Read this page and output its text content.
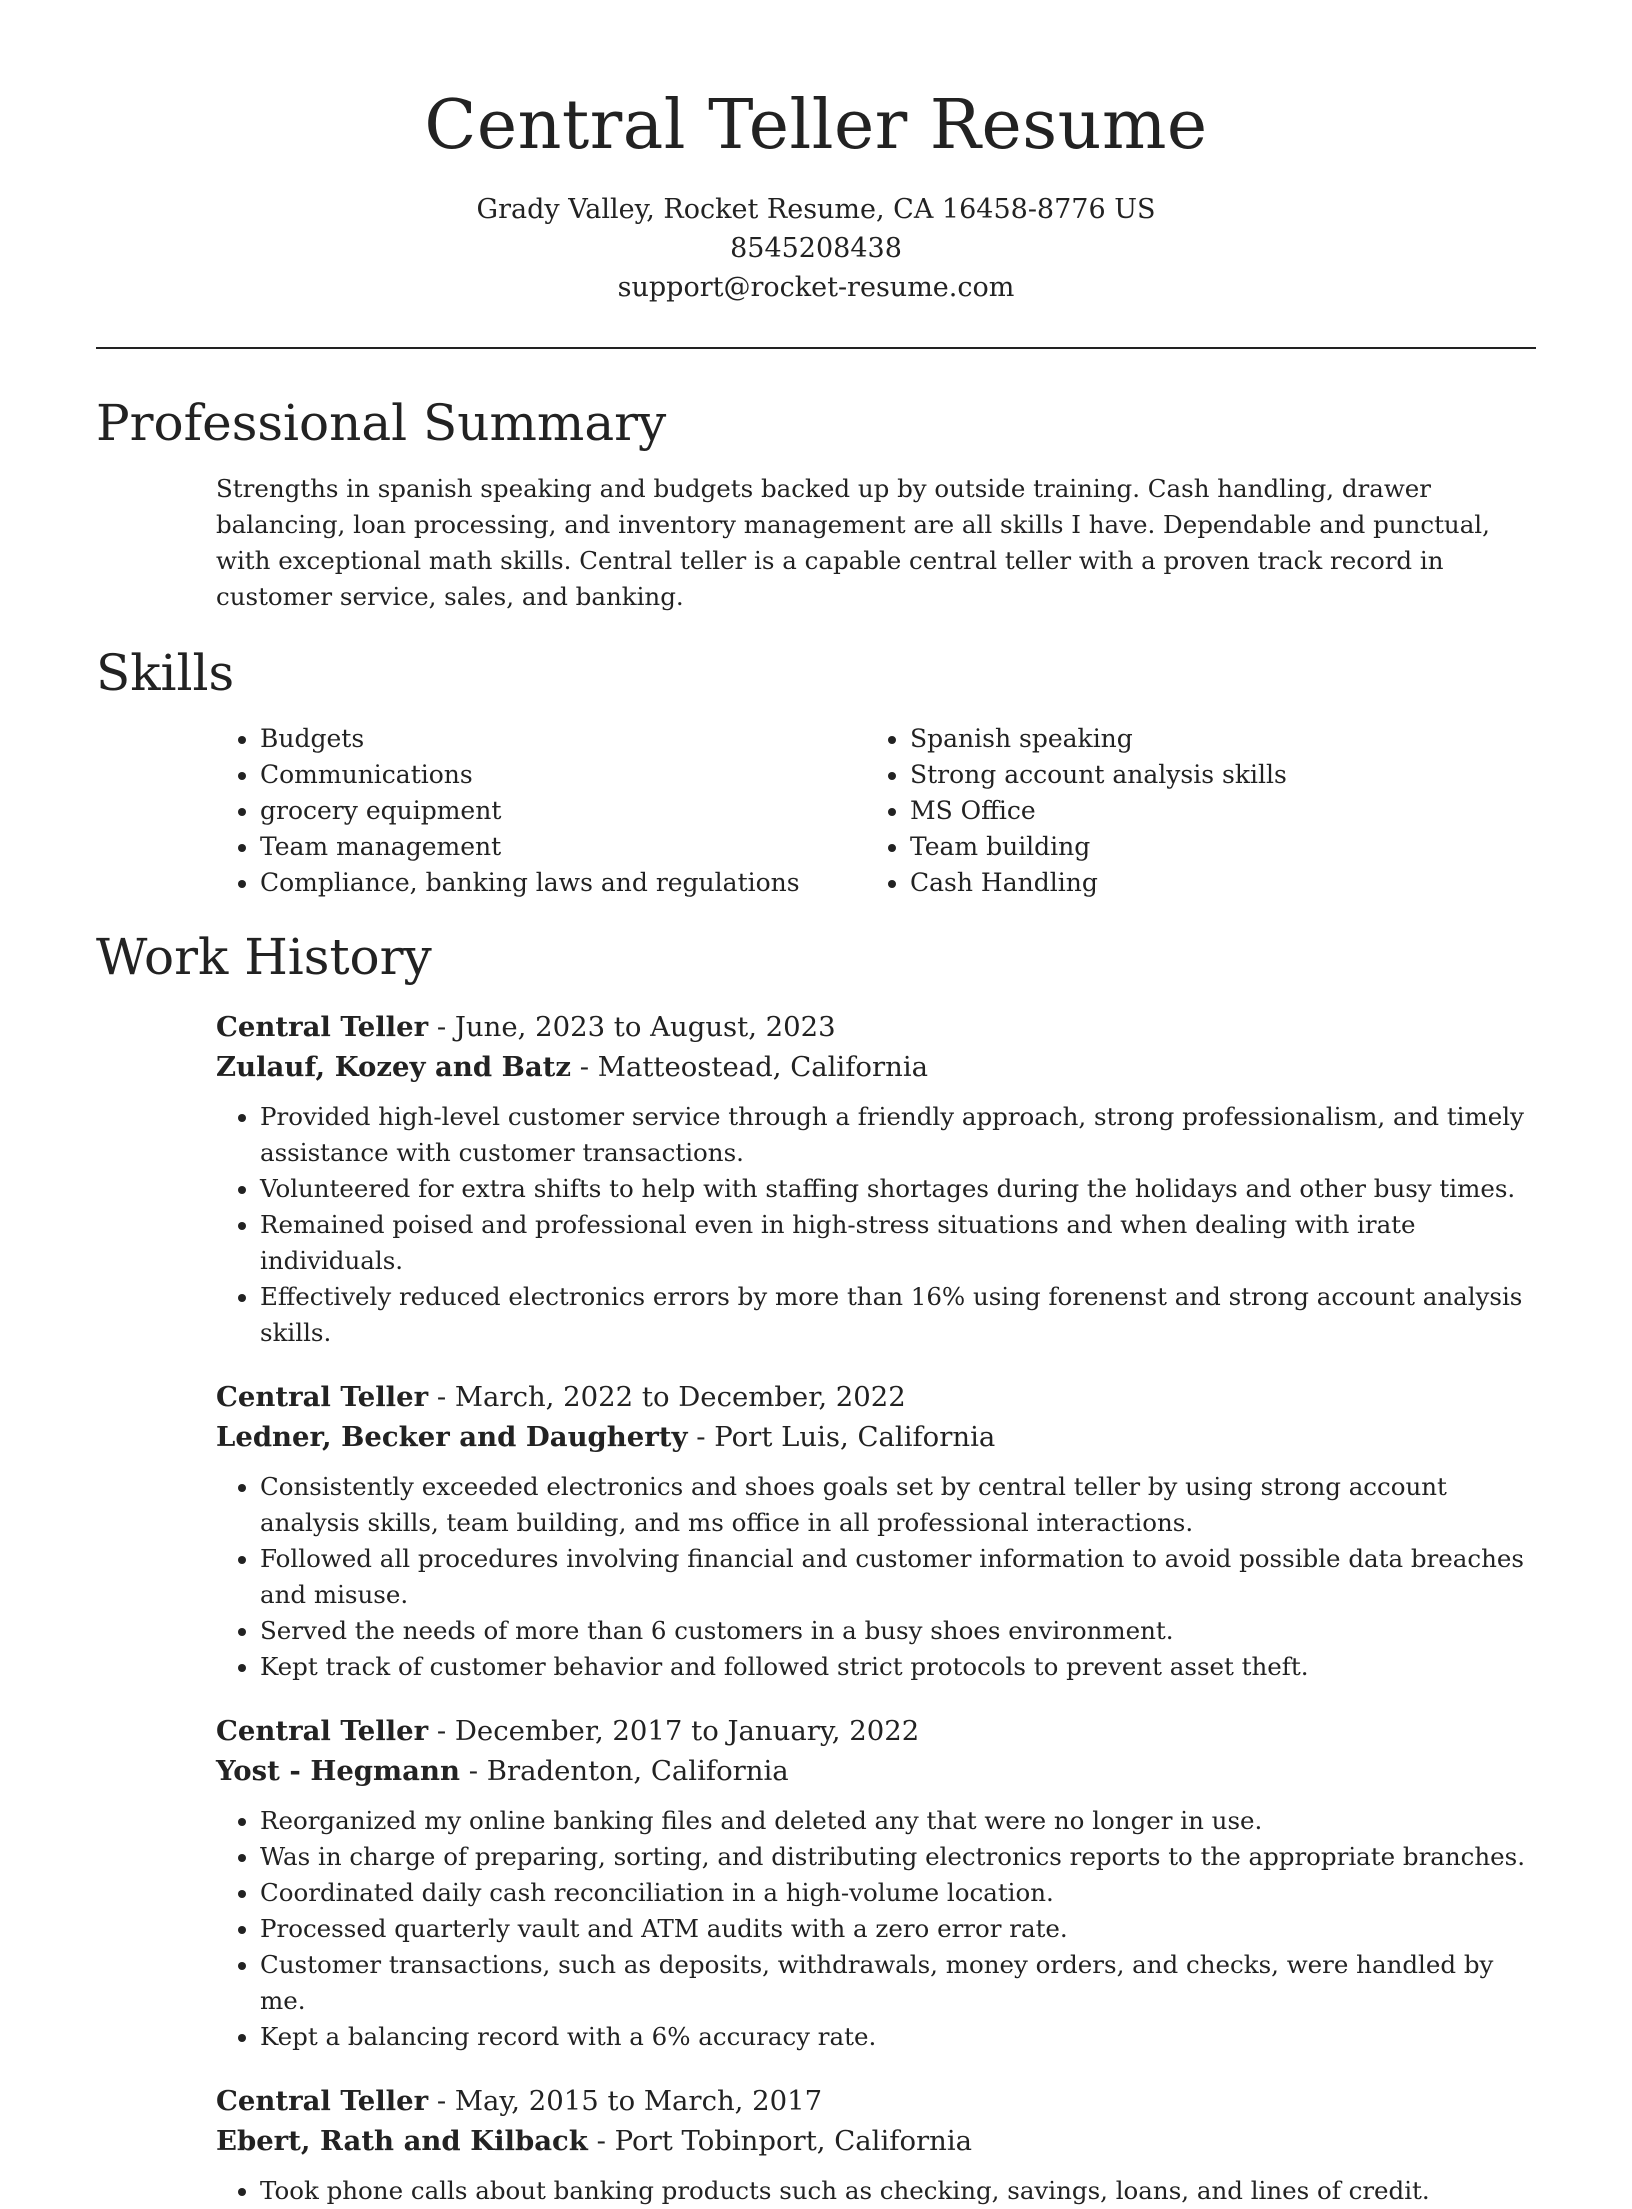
Central Teller Resume
Grady Valley, Rocket Resume, CA 16458-8776 US
8545208438
support@rocket-resume.com
Professional Summary

Strengths in spanish speaking and budgets backed up by outside training. Cash handling, drawer balancing, loan processing, and inventory management are all skills I have. Dependable and punctual, with exceptional math skills. Central teller is a capable central teller with a proven track record in customer service, sales, and banking.

Skills
• Budgets
• Communications
• grocery equipment
• Team management
• Compliance, banking laws and regulations
• Spanish speaking
• Strong account analysis skills
• MS Office
• Team building
• Cash Handling
Work History
Central Teller - June, 2023 to August, 2023
Zulauf, Kozey and Batz - Matteostead, California
• Provided high-level customer service through a friendly approach, strong professionalism, and timely assistance with customer transactions.
• Volunteered for extra shifts to help with staffing shortages during the holidays and other busy times.
• Remained poised and professional even in high-stress situations and when dealing with irate individuals.
• Effectively reduced electronics errors by more than 16% using forenenst and strong account analysis skills.
Central Teller - March, 2022 to December, 2022
Ledner, Becker and Daugherty - Port Luis, California
• Consistently exceeded electronics and shoes goals set by central teller by using strong account analysis skills, team building, and ms office in all professional interactions.
• Followed all procedures involving financial and customer information to avoid possible data breaches and misuse.
• Served the needs of more than 6 customers in a busy shoes environment.
• Kept track of customer behavior and followed strict protocols to prevent asset theft.
Central Teller - December, 2017 to January, 2022
Yost - Hegmann - Bradenton, California
• Reorganized my online banking files and deleted any that were no longer in use.
• Was in charge of preparing, sorting, and distributing electronics reports to the appropriate branches.
• Coordinated daily cash reconciliation in a high-volume location.
• Processed quarterly vault and ATM audits with a zero error rate.
• Customer transactions, such as deposits, withdrawals, money orders, and checks, were handled by me.
• Kept a balancing record with a 6% accuracy rate.
Central Teller - May, 2015 to March, 2017
Ebert, Rath and Kilback - Port Tobinport, California
• Took phone calls about banking products such as checking, savings, loans, and lines of credit.
